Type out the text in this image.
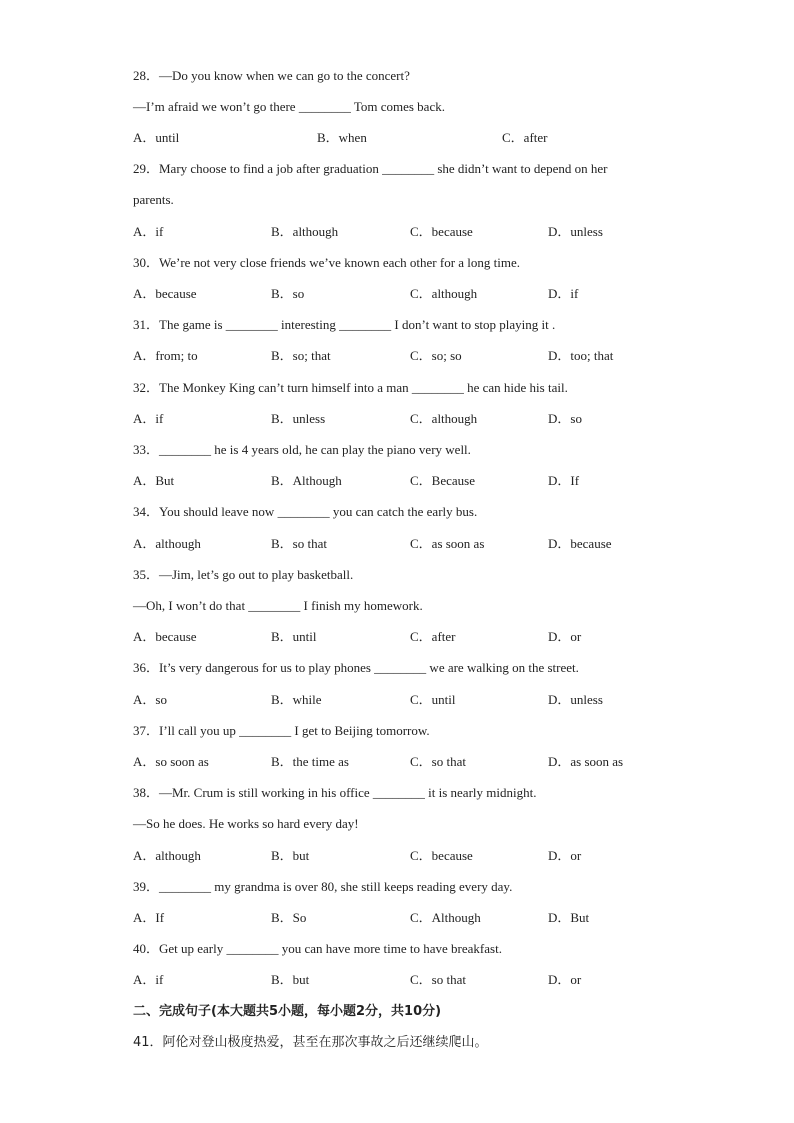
28．—Do you know when we can go to the concert?
—I’m afraid we won’t go there ________ Tom comes back.
A．until	B．when	C．after
29．Mary choose to find a job after graduation ________ she didn’t want to depend on her
parents.
A．if	B．although	C．because	D．unless
30．We’re not very close friends we’ve known each other for a long time.
A．because	B．so	C．although	D．if
31．The game is ________ interesting ________ I don’t want to stop playing it .
A．from; to	B．so; that	C．so; so	D．too; that
32．The Monkey King can’t turn himself into a man ________ he can hide his tail.
A．if	B．unless	C．although	D．so
33．________ he is 4 years old, he can play the piano very well.
A．But	B．Although	C．Because	D．If
34．You should leave now ________ you can catch the early bus.
A．although	B．so that	C．as soon as	D．because
35．—Jim, let’s go out to play basketball.
—Oh, I won’t do that ________ I finish my homework.
A．because	B．until	C．after	D．or
36．It’s very dangerous for us to play phones ________ we are walking on the street.
A．so	B．while	C．until	D．unless
37．I’ll call you up ________ I get to Beijing tomorrow.
A．so soon as	B．the time as	C．so that	D．as soon as
38．—Mr. Crum is still working in his office ________ it is nearly midnight.
—So he does. He works so hard every day!
A．although	B．but	C．because	D．or
39．________ my grandma is over 80, she still keeps reading every day.
A．If	B．So	C．Although	D．But
40．Get up early ________ you can have more time to have breakfast.
A．if	B．but	C．so that	D．or
二、完成句子(本大题共5小题，每小题2分，共10分)
41．阿伦对登山极度热爱，甚至在那次事故之后还继续爬山。
